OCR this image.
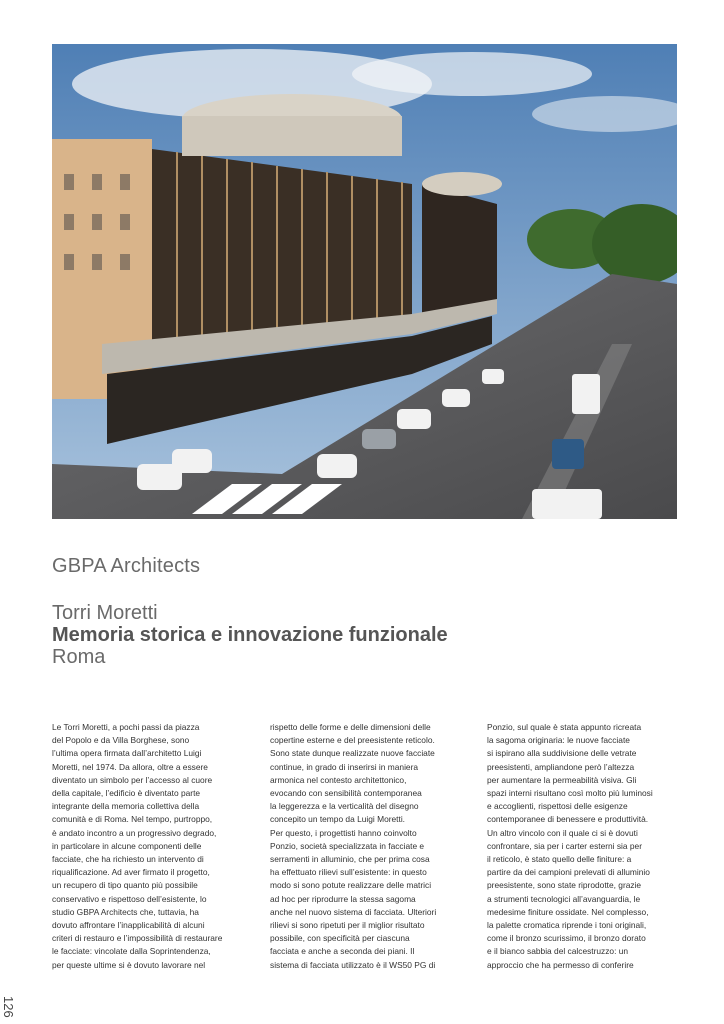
GBPA Architects
Torri Moretti
Memoria storica e innovazione funzionale
Roma
Le Torri Moretti, a pochi passi da piazza
del Popolo e da Villa Borghese, sono
l’ultima opera firmata dall’architetto Luigi
Moretti, nel 1974. Da allora, oltre a essere
diventato un simbolo per l’accesso al cuore
della capitale, l’edificio è diventato parte
integrante della memoria collettiva della
comunità e di Roma. Nel tempo, purtroppo,
è andato incontro a un progressivo degrado,
in particolare in alcune componenti delle
facciate, che ha richiesto un intervento di
riqualificazione. Ad aver firmato il progetto,
un recupero di tipo quanto più possibile
conservativo e rispettoso dell’esistente, lo
studio GBPA Architects che, tuttavia, ha
dovuto affrontare l’inapplicabilità di alcuni
criteri di restauro e l’impossibilità di restaurare
le facciate: vincolate dalla Soprintendenza,
per queste ultime si è dovuto lavorare nel
rispetto delle forme e delle dimensioni delle
copertine esterne e del preesistente reticolo.
Sono state dunque realizzate nuove facciate
continue, in grado di inserirsi in maniera
armonica nel contesto architettonico,
evocando con sensibilità contemporanea
la leggerezza e la verticalità del disegno
concepito un tempo da Luigi Moretti.
Per questo, i progettisti hanno coinvolto
Ponzio, società specializzata in facciate e
serramenti in alluminio, che per prima cosa
ha effettuato rilievi sull’esistente: in questo
modo si sono potute realizzare delle matrici
ad hoc per riprodurre la stessa sagoma
anche nel nuovo sistema di facciata. Ulteriori
rilievi si sono ripetuti per il miglior risultato
possibile, con specificità per ciascuna
facciata e anche a seconda dei piani. Il
sistema di facciata utilizzato è il WS50 PG di
Ponzio, sul quale è stata appunto ricreata
la sagoma originaria: le nuove facciate
si ispirano alla suddivisione delle vetrate
preesistenti, ampliandone però l’altezza
per aumentare la permeabilità visiva. Gli
spazi interni risultano così molto più luminosi
e accoglienti, rispettosi delle esigenze
contemporanee di benessere e produttività.
Un altro vincolo con il quale ci si è dovuti
confrontare, sia per i carter esterni sia per
il reticolo, è stato quello delle finiture: a
partire da dei campioni prelevati di alluminio
preesistente, sono state riprodotte, grazie
a strumenti tecnologici all’avanguardia, le
medesime finiture ossidate. Nel complesso,
la palette cromatica riprende i toni originali,
come il bronzo scurissimo, il bronzo dorato
e il bianco sabbia del calcestruzzo: un
approccio che ha permesso di conferire
126
